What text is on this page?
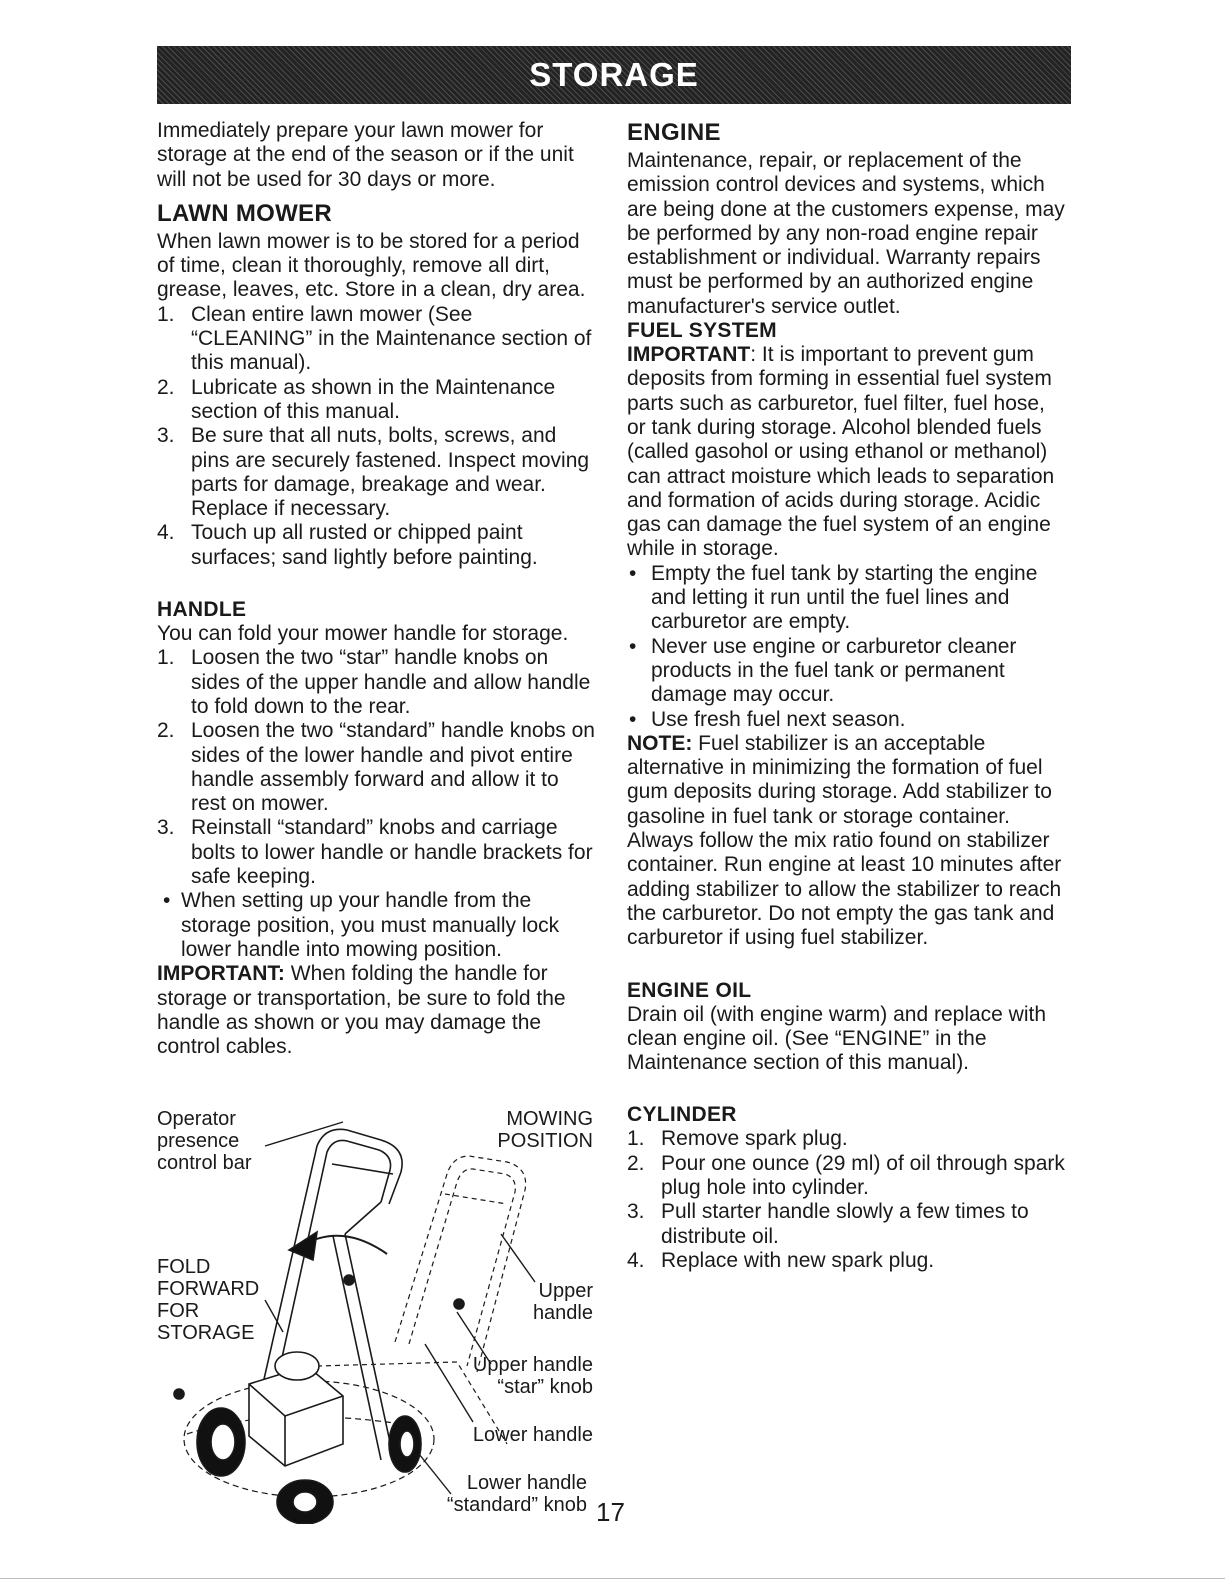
STORAGE

Immediately prepare your lawn mower for storage at the end of the season or if the unit will not be used for 30 days or more.

LAWN MOWER

When lawn mower is to be stored for a period of time, clean it thoroughly, remove all dirt, grease, leaves, etc. Store in a clean, dry area.

1. Clean entire lawn mower (See “CLEANING” in the Maintenance section of this manual).
2. Lubricate as shown in the Maintenance section of this manual.
3. Be sure that all nuts, bolts, screws, and pins are securely fastened. Inspect moving parts for damage, breakage and wear. Replace if necessary.
4. Touch up all rusted or chipped paint surfaces; sand lightly before painting.
HANDLE

You can fold your mower handle for storage.

1. Loosen the two “star” handle knobs on sides of the upper handle and allow handle to fold down to the rear.
2. Loosen the two “standard” handle knobs on sides of the lower handle and pivot entire handle assembly forward and allow it to rest on mower.
3. Reinstall “standard” knobs and carriage bolts to lower handle or handle brackets for safe keeping.
• When setting up your handle from the storage position, you must manually lock lower handle into mowing position.

IMPORTANT: When folding the handle for storage or transportation, be sure to fold the handle as shown or you may damage the control cables.

Operator
presence
control bar
MOWING
POSITION
FOLD
FORWARD
FOR
STORAGE
Upper
handle
Upper handle
“star” knob
Lower handle
Lower handle
“standard” knob
ENGINE

Maintenance, repair, or replacement of the emission control devices and systems, which are being done at the customers expense, may be performed by any non-road engine repair establishment or individual. Warranty repairs must be performed by an authorized engine manufacturer's service outlet.

FUEL SYSTEM

IMPORTANT: It is important to prevent gum deposits from forming in essential fuel system parts such as carburetor, fuel filter, fuel hose, or tank during storage. Alcohol blended fuels (called gasohol or using ethanol or methanol) can attract moisture which leads to separation and formation of acids during storage. Acidic gas can damage the fuel system of an engine while in storage.

• Empty the fuel tank by starting the engine and letting it run until the fuel lines and carburetor are empty.
• Never use engine or carburetor cleaner products in the fuel tank or permanent damage may occur.
• Use fresh fuel next season.

NOTE: Fuel stabilizer is an acceptable alternative in minimizing the formation of fuel gum deposits during storage. Add stabilizer to gasoline in fuel tank or storage container. Always follow the mix ratio found on stabilizer container. Run engine at least 10 minutes after adding stabilizer to allow the stabilizer to reach the carburetor. Do not empty the gas tank and carburetor if using fuel stabilizer.

ENGINE OIL

Drain oil (with engine warm) and replace with clean engine oil. (See “ENGINE” in the Maintenance section of this manual).

CYLINDER
1. Remove spark plug.
2. Pour one ounce (29 ml) of oil through spark plug hole into cylinder.
3. Pull starter handle slowly a few times to distribute oil.
4. Replace with new spark plug.
17
